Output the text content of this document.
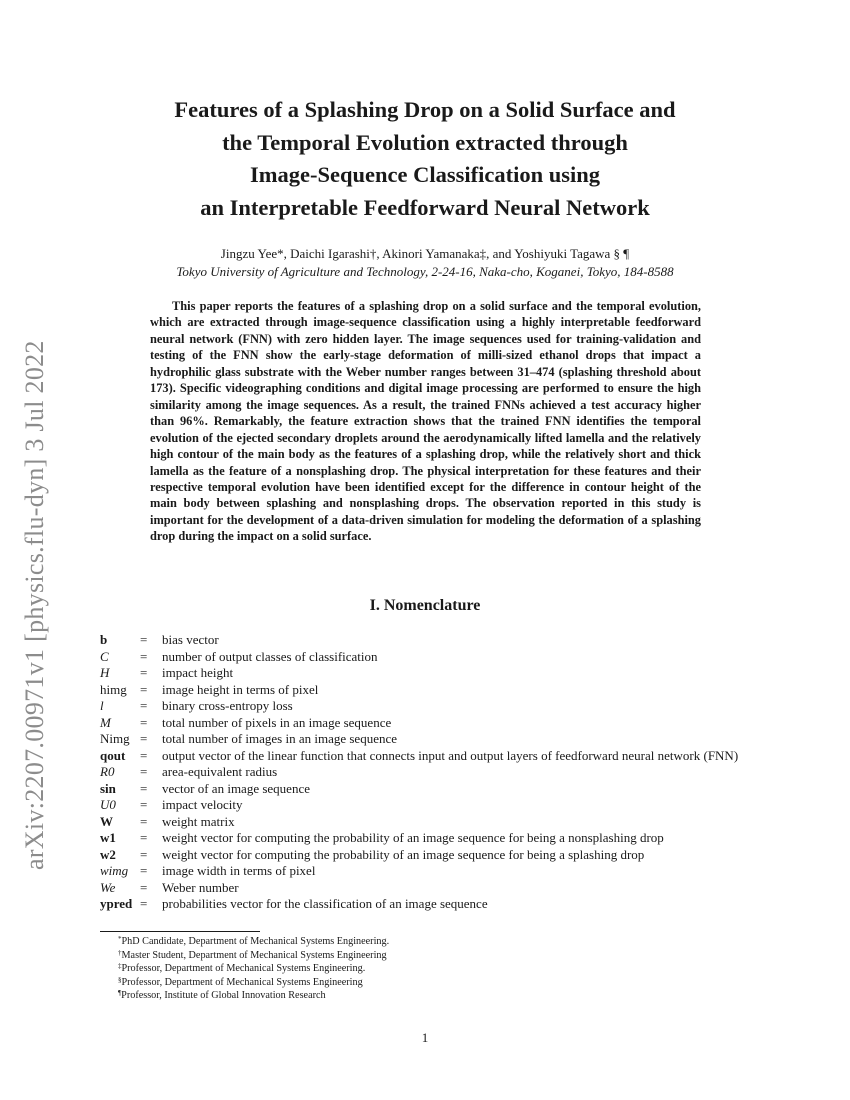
arXiv:2207.00971v1 [physics.flu-dyn] 3 Jul 2022
Features of a Splashing Drop on a Solid Surface and
the Temporal Evolution extracted through
Image-Sequence Classification using
an Interpretable Feedforward Neural Network
Jingzu Yee*, Daichi Igarashi†, Akinori Yamanaka‡, and Yoshiyuki Tagawa § ¶
Tokyo University of Agriculture and Technology, 2-24-16, Naka-cho, Koganei, Tokyo, 184-8588
This paper reports the features of a splashing drop on a solid surface and the temporal evolution, which are extracted through image-sequence classification using a highly interpretable feedforward neural network (FNN) with zero hidden layer. The image sequences used for training-validation and testing of the FNN show the early-stage deformation of milli-sized ethanol drops that impact a hydrophilic glass substrate with the Weber number ranges between 31–474 (splashing threshold about 173). Specific videographing conditions and digital image processing are performed to ensure the high similarity among the image sequences. As a result, the trained FNNs achieved a test accuracy higher than 96%. Remarkably, the feature extraction shows that the trained FNN identifies the temporal evolution of the ejected secondary droplets around the aerodynamically lifted lamella and the relatively high contour of the main body as the features of a splashing drop, while the relatively short and thick lamella as the feature of a nonsplashing drop. The physical interpretation for these features and their respective temporal evolution have been identified except for the difference in contour height of the main body between splashing and nonsplashing drops. The observation reported in this study is important for the development of a data-driven simulation for modeling the deformation of a splashing drop during the impact on a solid surface.
I. Nomenclature
b	=	bias vector
C	=	number of output classes of classification
H	=	impact height
himg	=	image height in terms of pixel
l	=	binary cross-entropy loss
M	=	total number of pixels in an image sequence
Nimg =	total number of images in an image sequence
qout	=	output vector of the linear function that connects input and output layers of feedforward neural network (FNN)
R0	=	area-equivalent radius
sin	=	vector of an image sequence
U0	=	impact velocity
W	=	weight matrix
w1	=	weight vector for computing the probability of an image sequence for being a nonsplashing drop
w2	=	weight vector for computing the probability of an image sequence for being a splashing drop
wimg =	image width in terms of pixel
We	=	Weber number
ypred =	probabilities vector for the classification of an image sequence
*PhD Candidate, Department of Mechanical Systems Engineering.
†Master Student, Department of Mechanical Systems Engineering
‡Professor, Department of Mechanical Systems Engineering.
§Professor, Department of Mechanical Systems Engineering
¶Professor, Institute of Global Innovation Research
1
